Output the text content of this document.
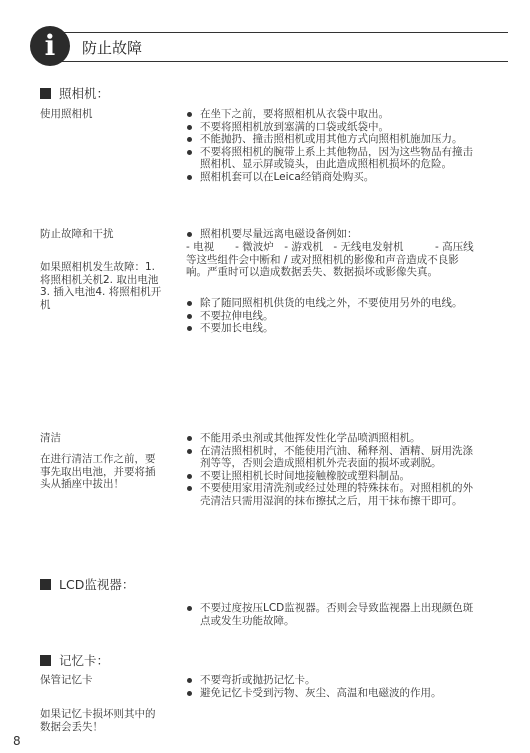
i	防止故障
照相机：
使用照相机	在坐下之前，要将照相机从衣袋中取出。
不要将照相机放到塞满的口袋或纸袋中。
不能抛扔、撞击照相机或用其他方式向照相机施加压力。
不要将照相机的腕带上系上其他物品，因为这些物品有撞击照相机、显示屏或镜头，由此造成照相机损坏的危险。
照相机套可以在Leica经销商处购买。
防止故障和干扰
如果照相机发生故障：1. 将照相机关机2. 取出电池3. 插入电池4. 将照相机开机
照相机要尽量远离电磁设备例如：
- 电视　　- 微波炉　- 游戏机　- 无线电发射机　　　- 高压线等这些组件会中断和 / 或对照相机的影像和声音造成不良影响。严重时可以造成数据丢失、数据损坏或影像失真。
除了随同照相机供货的电线之外，不要使用另外的电线。
不要拉伸电线。
不要加长电线。
清洁
在进行清洁工作之前，要事先取出电池，并要将插头从插座中拔出！
不能用杀虫剂或其他挥发性化学品喷洒照相机。
在清洁照相机时，不能使用汽油、稀释剂、酒精、厨用洗涤剂等等，否则会造成照相机外壳表面的损坏或剥脱。
不要让照相机长时间地接触橡胶或塑料制品。
不要使用家用清洗剂或经过处理的特殊抹布。对照相机的外壳清洁只需用湿润的抹布擦拭之后，用干抹布擦干即可。
LCD监视器：
不要过度按压LCD监视器。否则会导致监视器上出现颜色斑点或发生功能故障。
记忆卡：
保管记忆卡	不要弯折或抛扔记忆卡。
避免记忆卡受到污物、灰尘、高温和电磁波的作用。
如果记忆卡损坏则其中的数据会丢失！
8
